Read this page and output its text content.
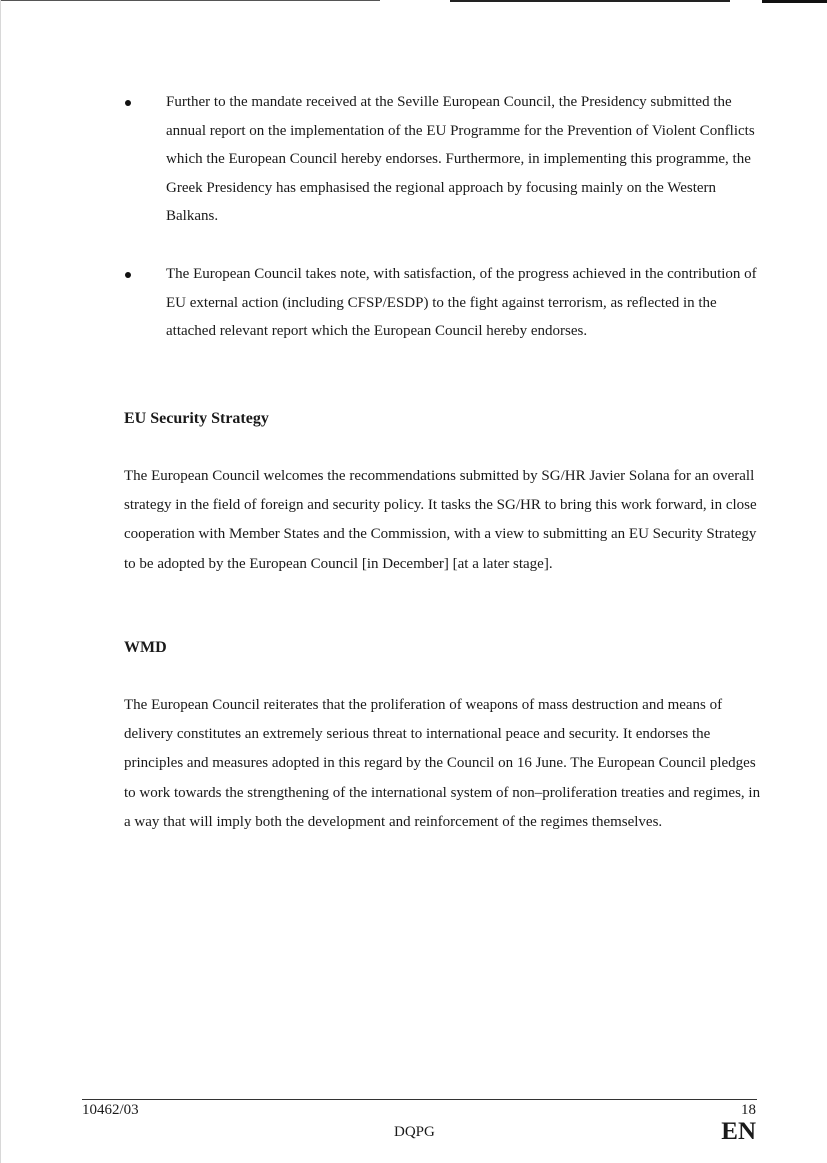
Further to the mandate received at the Seville European Council, the Presidency submitted the annual report on the implementation of the EU Programme for the Prevention of Violent Conflicts which the European Council hereby endorses. Furthermore, in implementing this programme, the Greek Presidency has emphasised the regional approach by focusing mainly on the Western Balkans.
The European Council takes note, with satisfaction, of the progress achieved in the contribution of EU external action (including CFSP/ESDP) to the fight against terrorism, as reflected in the attached relevant report which the European Council hereby endorses.
EU Security Strategy
The European Council welcomes the recommendations submitted by SG/HR Javier Solana for an overall strategy in the field of foreign and security policy. It tasks the SG/HR to bring this work forward, in close cooperation with Member States and the Commission, with a view to submitting an EU Security Strategy to be adopted by the European Council [in December] [at a later stage].
WMD
The European Council reiterates that the proliferation of weapons of mass destruction and means of delivery constitutes an extremely serious threat to international peace and security. It endorses the principles and measures adopted in this regard by the Council on 16 June. The European Council pledges to work towards the strengthening of the international system of non–proliferation treaties and regimes, in a way that will imply both the development and reinforcement of the regimes themselves.
10462/03
DQPG
18
EN
